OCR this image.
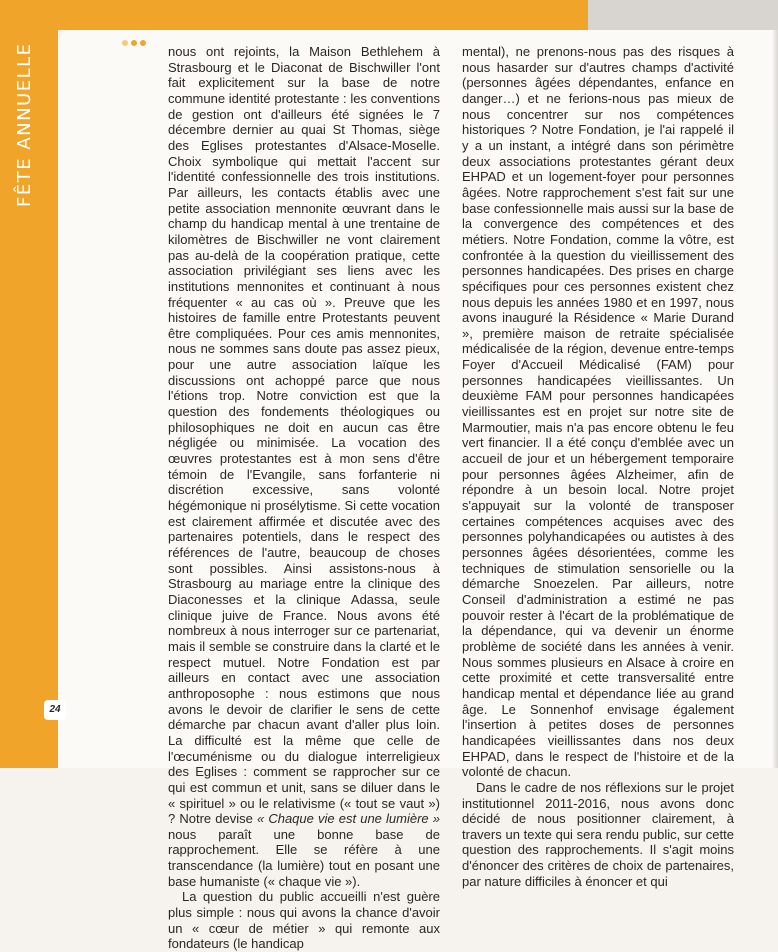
FÊTE ANNUELLE
24

nous ont rejoints, la Maison Bethlehem à Strasbourg et le Diaconat de Bischwiller l'ont fait explicitement sur la base de notre commune identité protestante : les conventions de gestion ont d'ailleurs été signées le 7 décembre dernier au quai St Thomas, siège des Eglises protestantes d'Alsace-Moselle. Choix symbolique qui mettait l'accent sur l'identité confessionnelle des trois institutions. Par ailleurs, les contacts établis avec une petite association mennonite œuvrant dans le champ du handicap mental à une trentaine de kilomètres de Bischwiller ne vont clairement pas au-delà de la coopération pratique, cette association privilégiant ses liens avec les institutions mennonites et continuant à nous fréquenter « au cas où ». Preuve que les histoires de famille entre Protestants peuvent être compliquées. Pour ces amis mennonites, nous ne sommes sans doute pas assez pieux, pour une autre association laïque les discussions ont achoppé parce que nous l'étions trop. Notre conviction est que la question des fondements théologiques ou philosophiques ne doit en aucun cas être négligée ou minimisée. La vocation des œuvres protestantes est à mon sens d'être témoin de l'Evangile, sans forfanterie ni discrétion excessive, sans volonté hégémonique ni prosélytisme. Si cette vocation est clairement affirmée et discutée avec des partenaires potentiels, dans le respect des références de l'autre, beaucoup de choses sont possibles. Ainsi assistons-nous à Strasbourg au mariage entre la clinique des Diaconesses et la clinique Adassa, seule clinique juive de France. Nous avons été nombreux à nous interroger sur ce partenariat, mais il semble se construire dans la clarté et le respect mutuel. Notre Fondation est par ailleurs en contact avec une association anthroposophe : nous estimons que nous avons le devoir de clarifier le sens de cette démarche par chacun avant d'aller plus loin. La difficulté est la même que celle de l'œcuménisme ou du dialogue interreligieux des Eglises : comment se rapprocher sur ce qui est commun et unit, sans se diluer dans le « spirituel » ou le relativisme (« tout se vaut ») ? Notre devise « Chaque vie est une lumière » nous paraît une bonne base de rapprochement. Elle se réfère à une transcendance (la lumière) tout en posant une base humaniste (« chaque vie »).

La question du public accueilli n'est guère plus simple : nous qui avons la chance d'avoir un « cœur de métier » qui remonte aux fondateurs (le handicap

mental), ne prenons-nous pas des risques à nous hasarder sur d'autres champs d'activité (personnes âgées dépendantes, enfance en danger…) et ne ferions-nous pas mieux de nous concentrer sur nos compétences historiques ? Notre Fondation, je l'ai rappelé il y a un instant, a intégré dans son périmètre deux associations protestantes gérant deux EHPAD et un logement-foyer pour personnes âgées. Notre rapprochement s'est fait sur une base confessionnelle mais aussi sur la base de la convergence des compétences et des métiers. Notre Fondation, comme la vôtre, est confrontée à la question du vieillissement des personnes handicapées. Des prises en charge spécifiques pour ces personnes existent chez nous depuis les années 1980 et en 1997, nous avons inauguré la Résidence « Marie Durand », première maison de retraite spécialisée médicalisée de la région, devenue entre-temps Foyer d'Accueil Médicalisé (FAM) pour personnes handicapées vieillissantes. Un deuxième FAM pour personnes handicapées vieillissantes est en projet sur notre site de Marmoutier, mais n'a pas encore obtenu le feu vert financier. Il a été conçu d'emblée avec un accueil de jour et un hébergement temporaire pour personnes âgées Alzheimer, afin de répondre à un besoin local. Notre projet s'appuyait sur la volonté de transposer certaines compétences acquises avec des personnes polyhandicapées ou autistes à des personnes âgées désorientées, comme les techniques de stimulation sensorielle ou la démarche Snoezelen. Par ailleurs, notre Conseil d'administration a estimé ne pas pouvoir rester à l'écart de la problématique de la dépendance, qui va devenir un énorme problème de société dans les années à venir. Nous sommes plusieurs en Alsace à croire en cette proximité et cette transversalité entre handicap mental et dépendance liée au grand âge. Le Sonnenhof envisage également l'insertion à petites doses de personnes handicapées vieillissantes dans nos deux EHPAD, dans le respect de l'histoire et de la volonté de chacun.

Dans le cadre de nos réflexions sur le projet institutionnel 2011-2016, nous avons donc décidé de nous positionner clairement, à travers un texte qui sera rendu public, sur cette question des rapprochements. Il s'agit moins d'énoncer des critères de choix de partenaires, par nature difficiles à énoncer et qui
